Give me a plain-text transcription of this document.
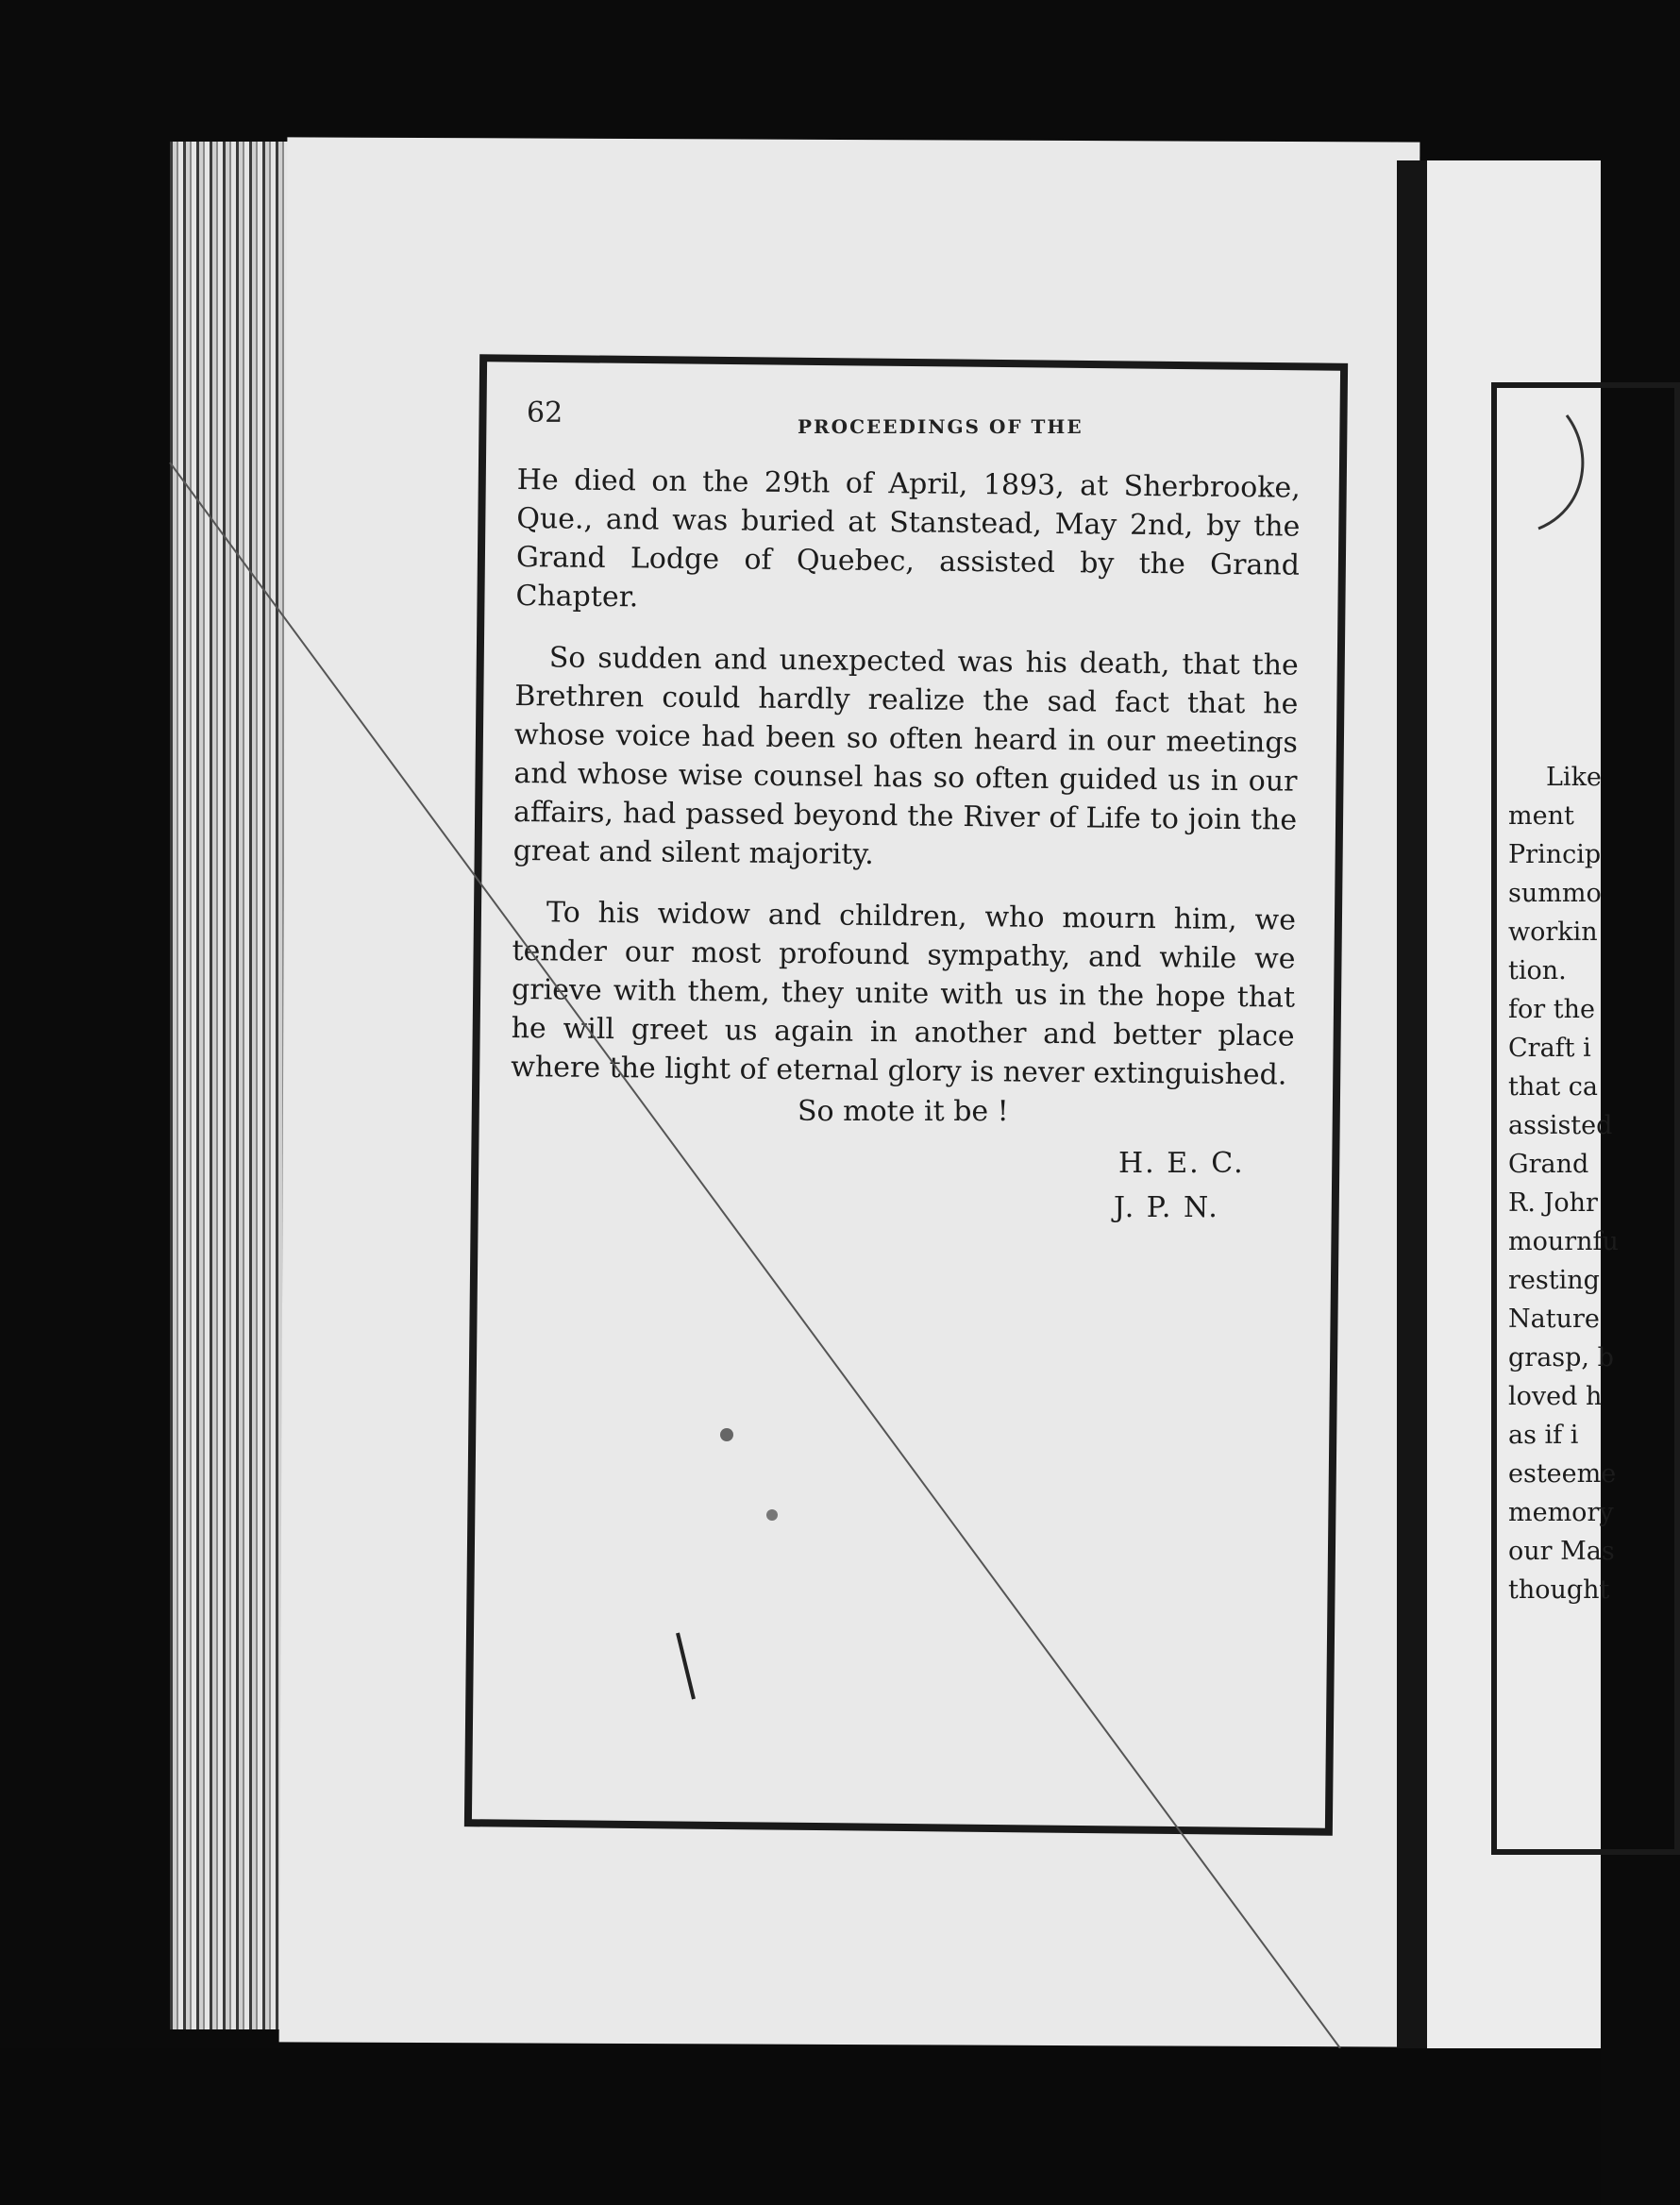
62	PROCEEDINGS OF THE

He died on the 29th of April, 1893, at Sherbrooke, Que., and was buried at Stanstead, May 2nd, by the Grand Lodge of Quebec, assisted by the Grand Chapter.

So sudden and unexpected was his death, that the Brethren could hardly realize the sad fact that he whose voice had been so often heard in our meetings and whose wise counsel has so often guided us in our affairs, had passed beyond the River of Life to join the great and silent majority.

To his widow and children, who mourn him, we tender our most profound sympathy, and while we grieve with them, they unite with us in the hope that he will greet us again in another and better place where the light of eternal glory is never extinguished.

So mote it be !
H. E. C.
J. P. N.
Like
ment
Princip
summo
workin
tion.
for the
Craft i
that ca
assisted
Grand
R. Johr
mournfu
resting
Nature
grasp, b
loved h
as if i
esteeme
memory
our Mas
thought
